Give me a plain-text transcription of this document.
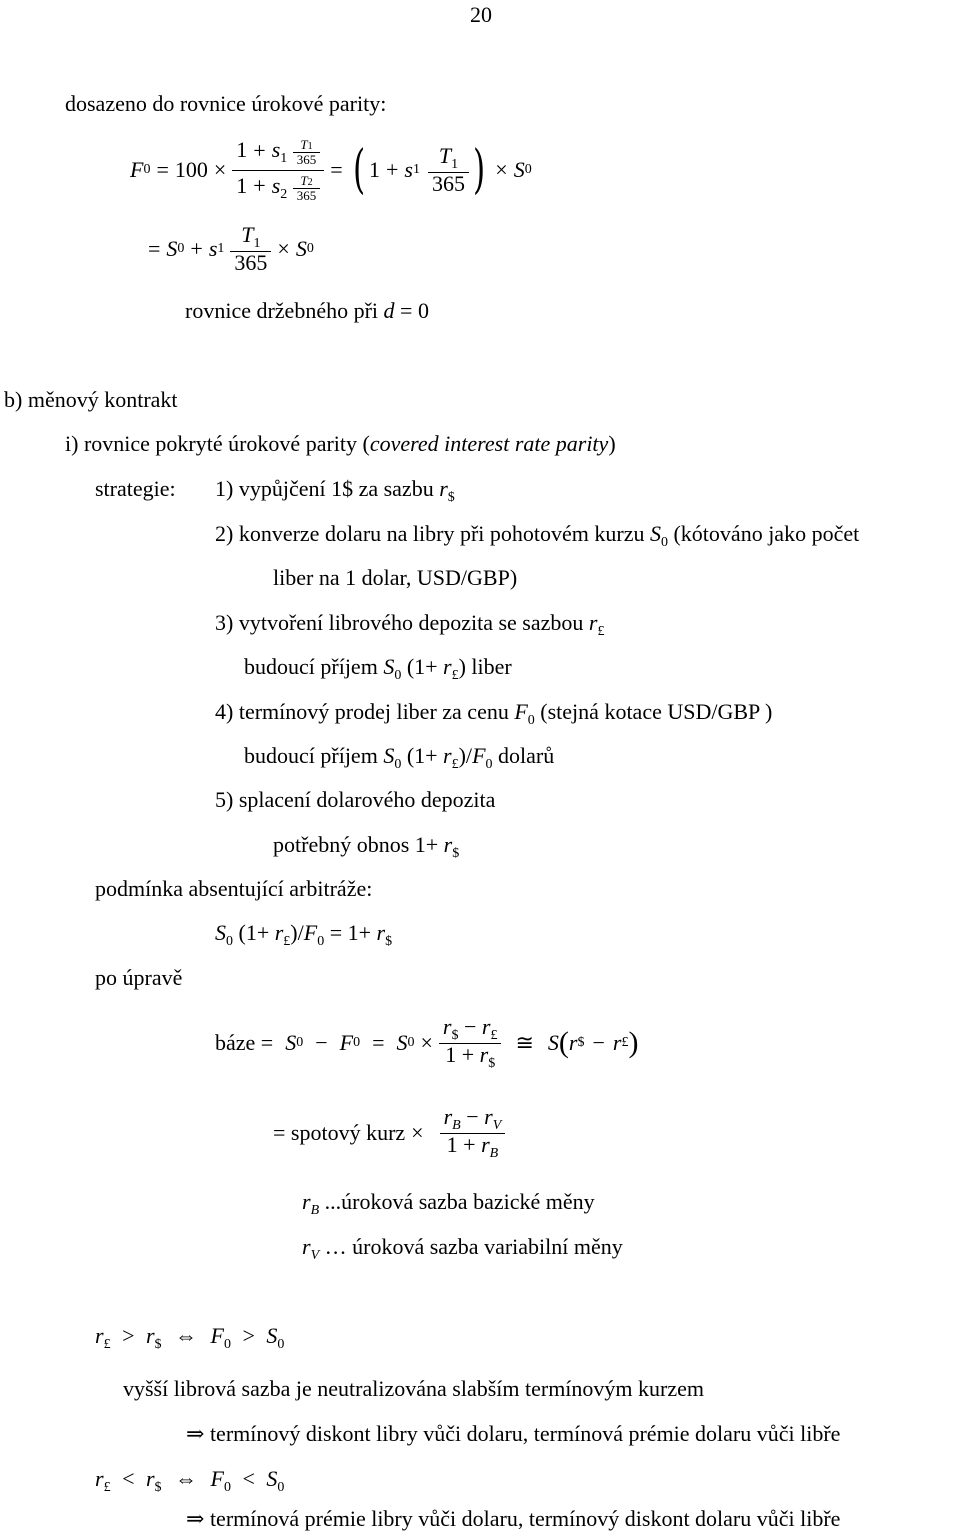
20
dosazeno do rovnice úrokové parity:
F $0 = 100 \times \frac{1 + s_1 \frac{T1}{365}}{1 + s_2 \frac{T2}{365}}$ = ( 1 + s $1 \frac{T_1}{365}$ ) × S 0
= S 0 + s $1 \frac{T_1}{365} \times S$ 0
rovnice držebného při d = 0
b) měnový kontrakt
i) rovnice pokryté úrokové parity (covered interest rate parity)
strategie: 1) vypůjčení 1$ za sazbu $r_{\$}$
2) konverze dolaru na libry při pohotovém kurzu $S_0$ (kótováno jako počet
liber na 1 dolar, USD/GBP)
3) vytvoření librového depozita se sazbou $r_£$
budoucí příjem $S_0$ $(1+ r_£)$ liber
4) termínový prodej liber za cenu $F_0$ (stejná kotace USD/GBP )
budoucí příjem $S_0$ $(1+ r_£)/F_0$ dolarů
5) splacení dolarového depozita
potřebný obnos $1+ r_{\$}$
podmínka absentující arbitráže:
$S_0$ $(1+ r_£)/F_0 = 1+ r_{\$}$
po úpravě
báze = S 0 − F 0 = S $0 \times \frac{r_{\$} - r_£}{1 + r_{\$}}$ ≅ S ( r $ − r £ )
= spotový kurz × $\frac{r_B - r_V}{1 + r_B}$
$r_B$ ...úroková sazba bazické měny
$r_V$ … úroková sazba variabilní měny
$r_£ > r_{\$}$ ⇔ $F_0 > S_0$
vyšší librová sazba je neutralizována slabším termínovým kurzem
⇒ termínový diskont libry vůči dolaru, termínová prémie dolaru vůči libře
$r_£ < r_{\$}$ ⇔ $F_0 < S_0$
⇒ termínová prémie libry vůči dolaru, termínový diskont dolaru vůči libře
